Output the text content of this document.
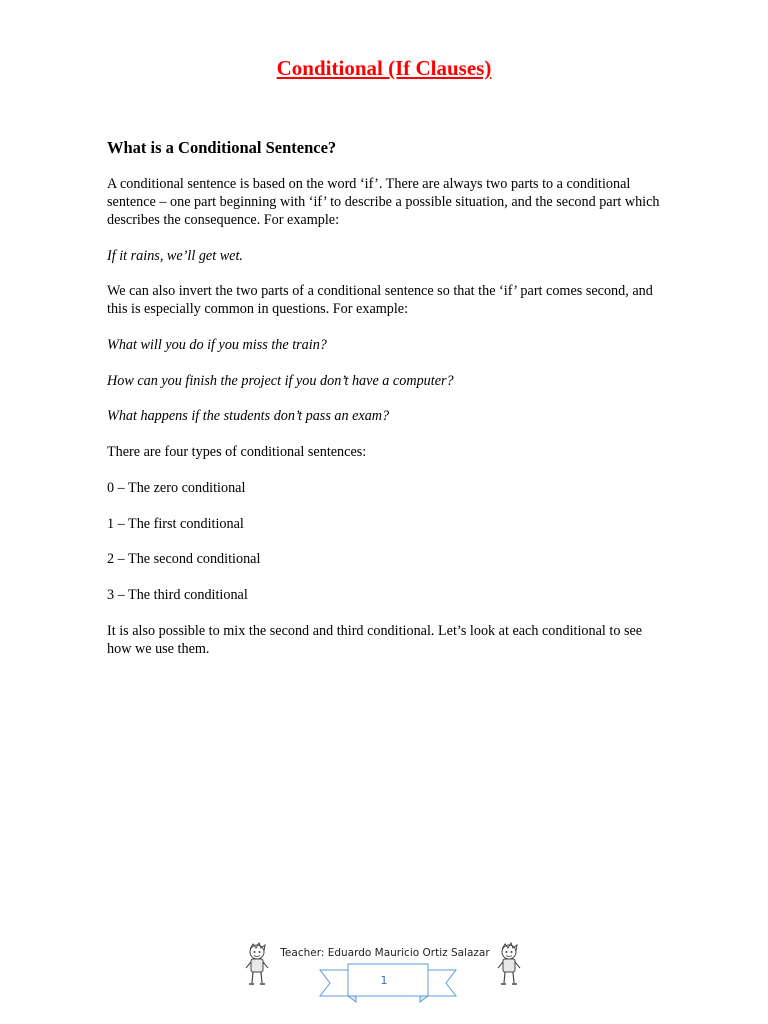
Conditional (If Clauses)
What is a Conditional Sentence?

A conditional sentence is based on the word ‘if’. There are always two parts to a conditional sentence – one part beginning with ‘if’ to describe a possible situation, and the second part which describes the consequence. For example:

If it rains, we’ll get wet.

We can also invert the two parts of a conditional sentence so that the ‘if’ part comes second, and this is especially common in questions. For example:

What will you do if you miss the train?

How can you finish the project if you don’t have a computer?

What happens if the students don’t pass an exam?

There are four types of conditional sentences:

0 – The zero conditional

1 – The first conditional

2 – The second conditional

3 – The third conditional

It is also possible to mix the second and third conditional. Let’s look at each conditional to see how we use them.

Teacher: Eduardo Mauricio Ortiz Salazar
1
